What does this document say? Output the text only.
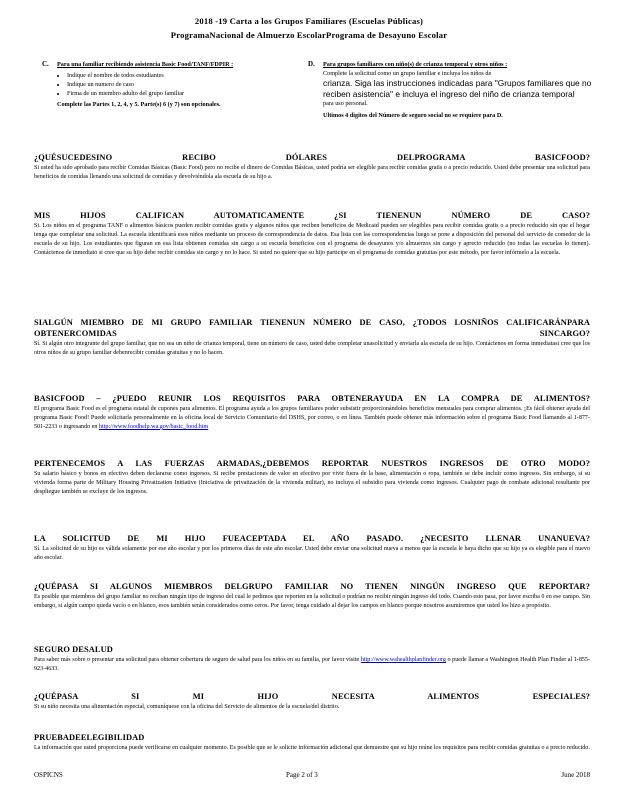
2018 -19 Carta a los Grupos Familiares (Escuelas Públicas)
ProgramaNacional de Almuerzo EscolarPrograma de Desayuno Escolar
C. Para una familiar recibiendo asistencia Basic Food/TANF/FDPIR :
• Indique el nombre de todos estudiantes
• Indique un numero de caso
• Firma de un miembro adulto del grupo familiar
Complete las Partes 1, 2, 4, y 5. Parte(s) 6 (y 7) son opcionales.
D. Para grupos familiares con niño(s) de crianza temporal y otros niños :
Complete la solicitud como un grupo familiar e incluya los niños de
crianza. Siga las instrucciones indicadas para "Grupos familiares que no reciben asistencia" e incluya el ingreso del niño de crianza temporal
para uso personal.
Ultimos 4 digitos del Número de seguro social no se requiere para D.
¿QUÉSUCEDESINO RECIBO DÓLARES DELPROGRAMA BASICFOOD?

Si usted ha sido aprobado para recibir Comidas Básicas (Basic Food) pero no recibe el dinero de Comidas Básicas, usted podría ser elegible para recibir comidas gratis o a precio reducido. Usted debe presentar una solicitud para beneficios de comidas llenando una solicitud de comidas y devolviéndola ala escuela de su hijo a.

MIS HIJOS CALIFICAN AUTOMATICAMENTE ¿SI TIENENUN NÚMERO DE CASO?

Si. Los niños en el programa TANF o alimentos básicos pueden recibir comidas gratis y algunos niños que reciben beneficios de Medicaid pueden ser elegibles para recibir comidas gratis o a precio reducido sin que el hogar tenga que completar una solicitud. La escuela identificará esos niños mediante un proceso de correspondencia de datos. Esa lista con las correspondencias luego se pone a disposición del personal del servicio de comedor de la escuela de su hijo. Los estudiantes que figuran en esa lista obtienen comidas sin cargo a su escuela beneficios con el programa de desayunos y/o almuerzos sin cargo y aprecio reducido (no todas las escuelas lo tienen). Contáctenos de inmediato si cree que su hijo debe recibir comidas sin cargo y no lo hace. Si usted no quiere que su hijo participe en el programa de comidas gratuitas por este método, por favor infórmelo a la escuela.

SIALGÚN MIEMBRO DE MI GRUPO FAMILIAR TIENENUN NÚMERO DE CASO, ¿TODOS LOSNIÑOS CALIFICARÁNPARA OBTENERCOMIDAS SINCARGO?

Sí. Si algún otro integrante del grupo familiar, que no sea un niño de crianza temporal, tiene un número de caso, usted debe completar unasolicitud y enviarla ala escuela de su hijo. Contáctenos en forma inmediatasi cree que los otros niños de su grupo familiar debenrecibir comidas gratuitas y no lo hacen.

BASICFOOD – ¿PUEDO REUNIR LOS REQUISITOS PARA OBTENERAYUDA EN LA COMPRA DE ALIMENTOS?

El programa Basic Food es el programa estatal de cupones para alimentos. El programa ayuda a los grupos familiares poder subsistir proporcionándoles beneficios mensuales para comprar alimentos. ¡Es fácil obtener ayuda del programa Basic Food! Puede solicitarla personalmente en la oficina local de Servicio Comunitario del DSHS, por correo, o en línea. También puede obtener más información sobre el programa Basic Food llamando al 1-877-501-2233 o ingresando en http://www.foodhelp.wa.gov/basic_food.htm

PERTENECEMOS A LAS FUERZAS ARMADAS,¿DEBEMOS REPORTAR NUESTROS INGRESOS DE OTRO MODO?

Su salario básico y bonos en efectivo deben declararse como ingresos. Si recibe prestaciones de valor en efectivo por vivir fuera de la base, alimentación o ropa, también se debe incluir como ingresos. Sin embargo, si su vivienda forma parte de Military Housing Privatization Initiative (Iniciativa de privatización de la vivienda militar), no incluya el subsidio para vivienda como ingresos. Cualquier pago de combate adicional resultante por despliegue también se excluye de los ingresos.

LA SOLICITUD DE MI HIJO FUEACEPTADA EL AÑO PASADO. ¿NECESITO LLENAR UNANUEVA?

Sí. La solicitud de su hijo es válida solamente por ese año escolar y por los primeros días de este año escolar. Usted debe enviar una solicitud nueva a menos que la escuela le haya dicho que su hijo ya es elegible para el nuevo año escolar.

¿QUÉPASA SI ALGUNOS MIEMBROS DELGRUPO FAMILIAR NO TIENEN NINGÚN INGRESO QUE REPORTAR?

Es posible que miembros del grupo familiar no reciban ningún tipo de ingreso del cual le pedimos que reporten en la solicitud o podrían no recibir ningún ingreso del todo. Cuando esto pasa, por favor escriba 0 en ese campo. Sin embargo, si algún campo queda vacío o en blanco, esos también serán considerados como ceros. Por favor, tenga cuidado al dejar los campos en blanco porque nosotros asumiremos que usted los hizo a propósito.

SEGURO DESALUD

Para saber más sobre o presentar una solicitud para obtener cobertura de seguro de salud para los niños en su familia, por favor visite http://www.wahealthplanfinder.org o puede llamar a Washington Health Plan Finder al 1-855-923-4633.

¿QUÉPASA SI MI HIJO NECESITA ALIMENTOS ESPECIALES?

Si su niño necesita una alimentación especial, comuníquese con la oficina del Servicio de alimentos de la escuela/del distrito.

PRUEBADEELEGIBILIDAD

La información que usted proporciona puede verificarse en cualquier momento. Es posible que se le solicite información adicional que demuestre que su hijo reúne los requisitos para recibir comidas gratuitas o a precio reducido.

OSPICNS	Page 2 of 3	June 2018
